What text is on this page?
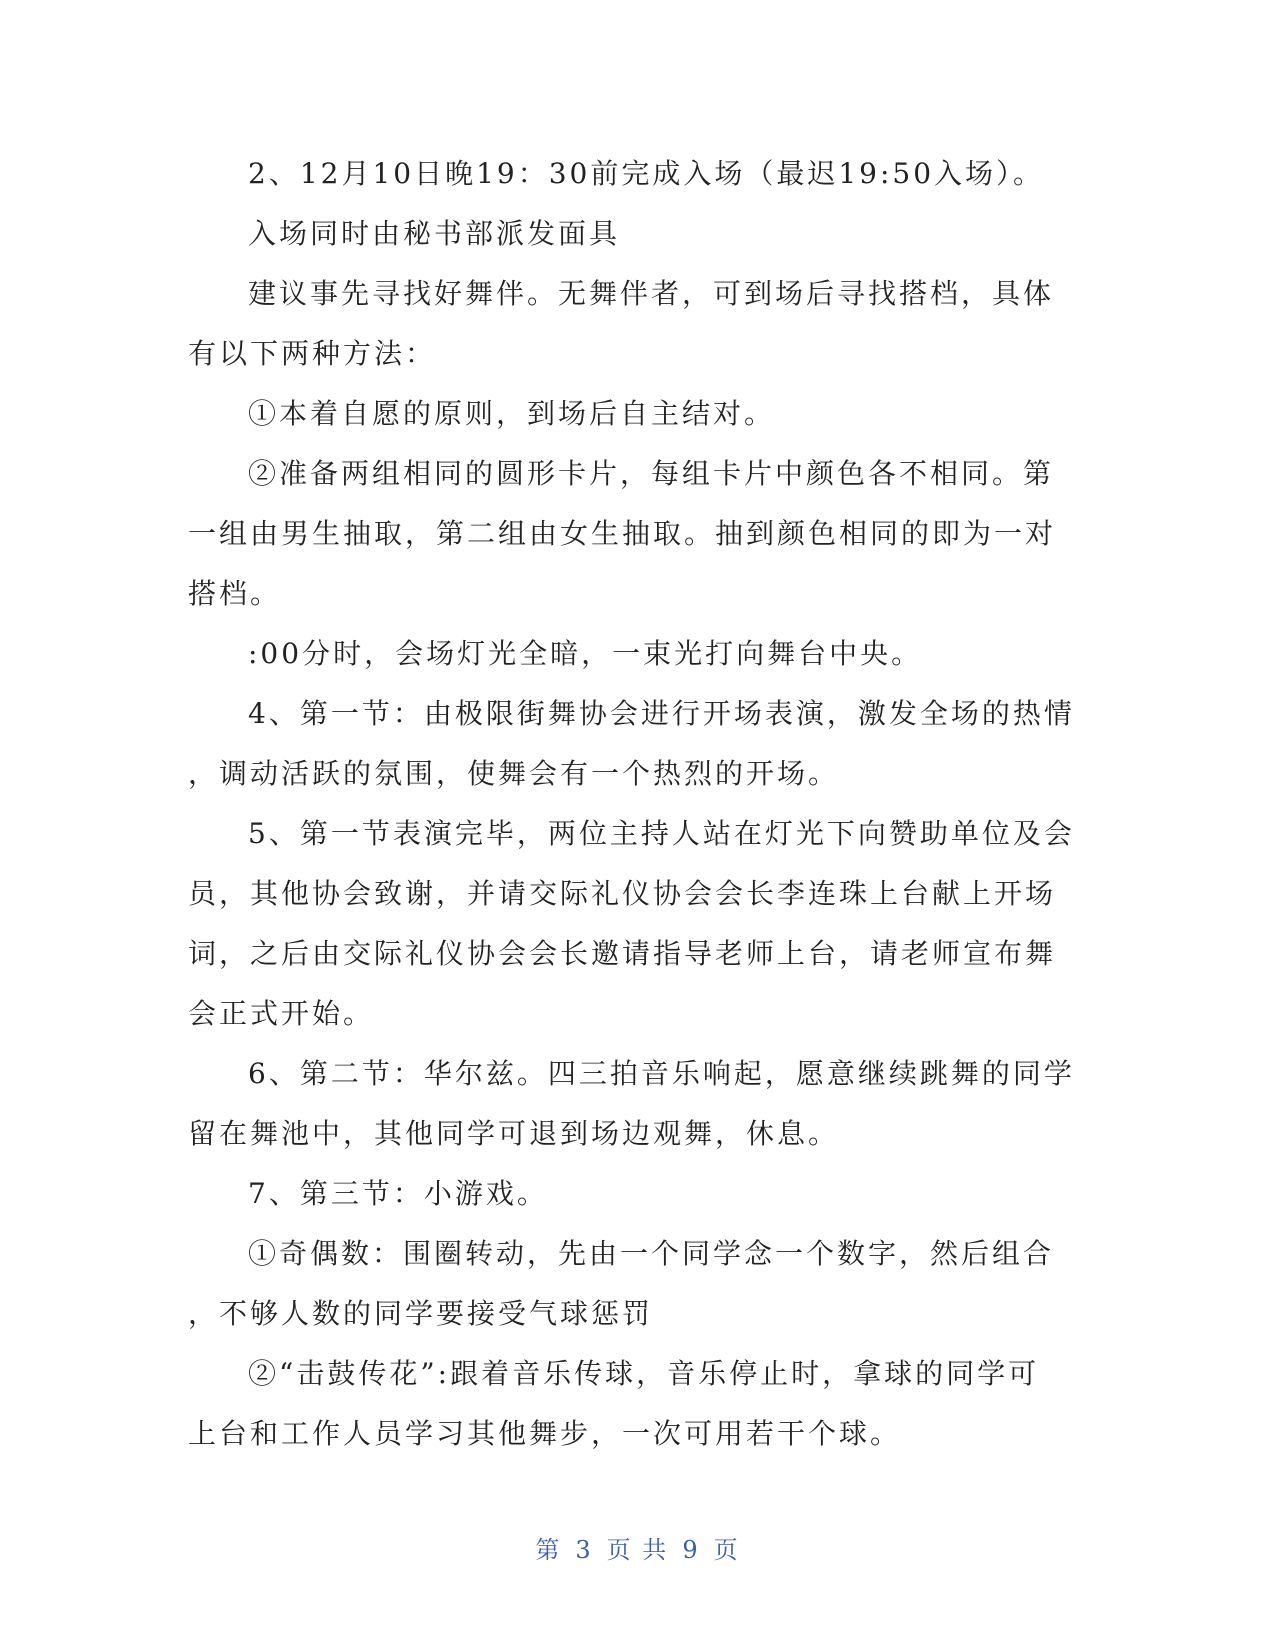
2、12月10日晚19：30前完成入场（最迟19:50入场）。

入场同时由秘书部派发面具

建议事先寻找好舞伴。无舞伴者，可到场后寻找搭档，具体

有以下两种方法：

①本着自愿的原则，到场后自主结对。

②准备两组相同的圆形卡片，每组卡片中颜色各不相同。第

一组由男生抽取，第二组由女生抽取。抽到颜色相同的即为一对

搭档。

:00分时，会场灯光全暗，一束光打向舞台中央。

4、第一节：由极限街舞协会进行开场表演，激发全场的热情

，调动活跃的氛围，使舞会有一个热烈的开场。

5、第一节表演完毕，两位主持人站在灯光下向赞助单位及会

员，其他协会致谢，并请交际礼仪协会会长李连珠上台献上开场

词，之后由交际礼仪协会会长邀请指导老师上台，请老师宣布舞

会正式开始。

6、第二节：华尔兹。四三拍音乐响起，愿意继续跳舞的同学

留在舞池中，其他同学可退到场边观舞，休息。

7、第三节：小游戏。

①奇偶数：围圈转动，先由一个同学念一个数字，然后组合

，不够人数的同学要接受气球惩罚

②“击鼓传花”:跟着音乐传球，音乐停止时，拿球的同学可

上台和工作人员学习其他舞步，一次可用若干个球。

第 3 页 共 9 页
